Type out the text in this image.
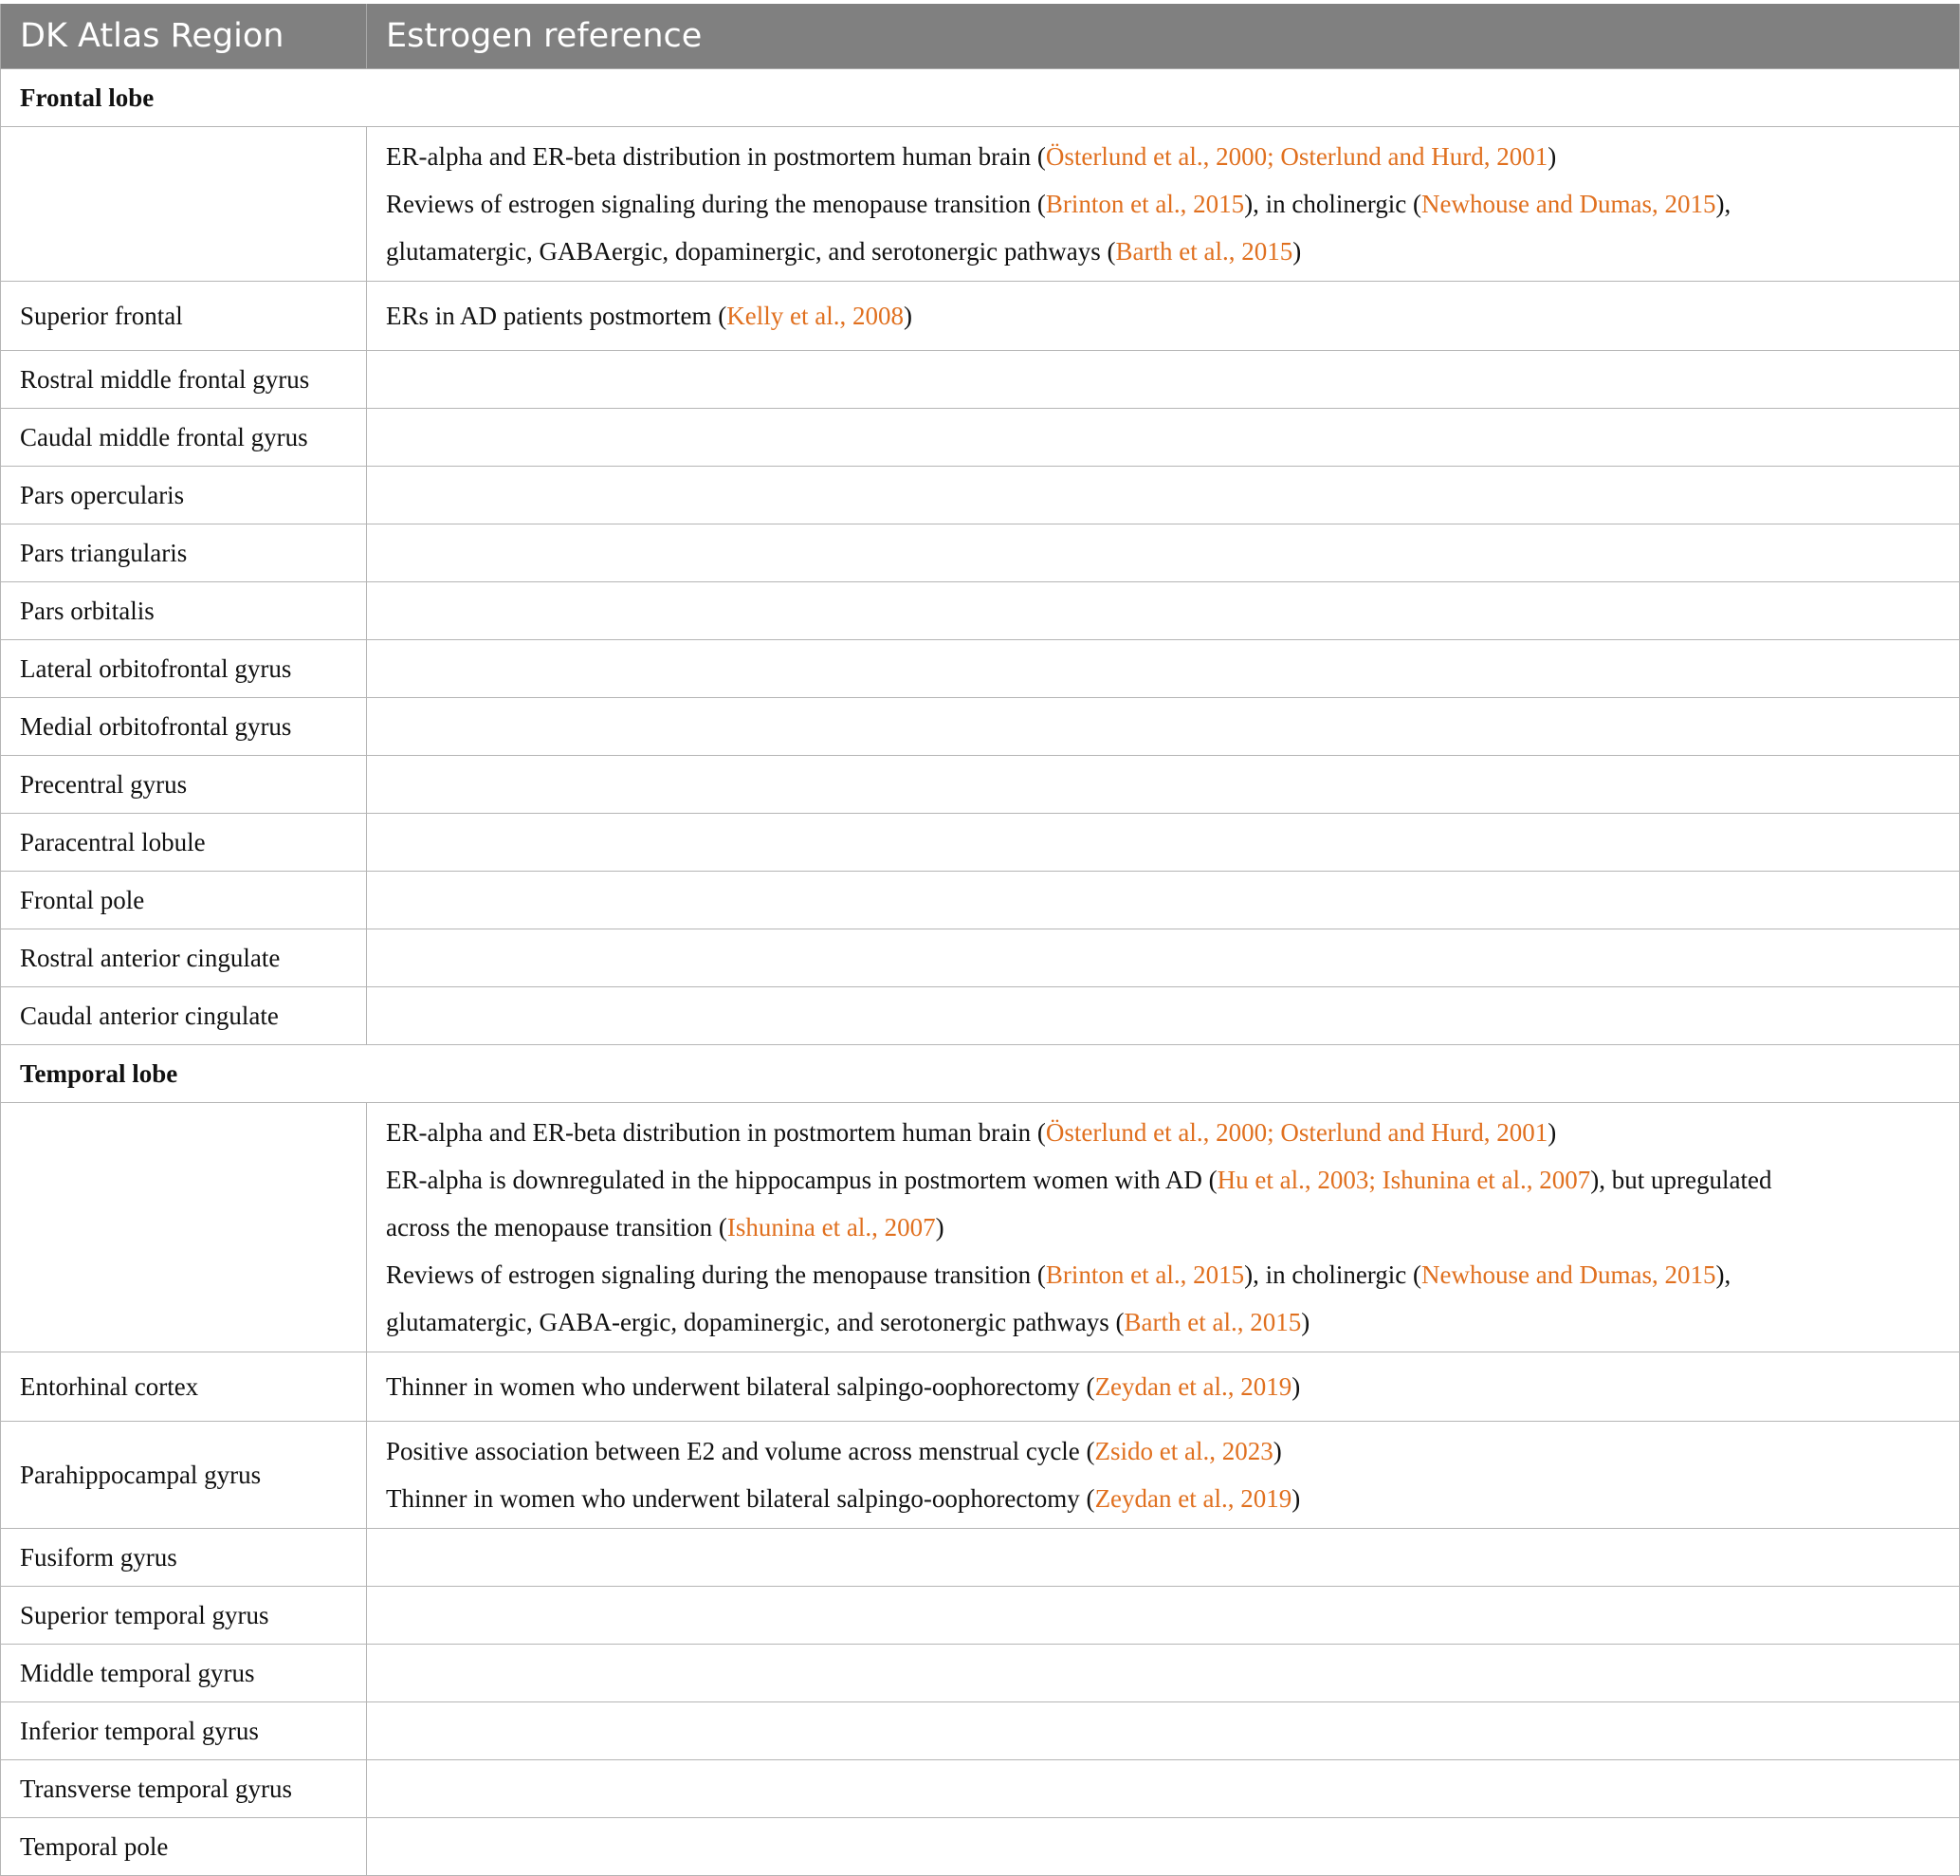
DK Atlas Region	Estrogen reference
Frontal lobe	

	ER-alpha and ER-beta distribution in postmortem human brain (Österlund et al., 2000; Osterlund and Hurd, 2001)
Reviews of estrogen signaling during the menopause transition (Brinton et al., 2015), in cholinergic (Newhouse and Dumas, 2015),
glutamatergic, GABAergic, dopaminergic, and serotonergic pathways (Barth et al., 2015)

Superior frontal	ERs in AD patients postmortem (Kelly et al., 2008)

Rostral middle frontal gyrus	
Caudal middle frontal gyrus	
Pars opercularis	
Pars triangularis	
Pars orbitalis	
Lateral orbitofrontal gyrus	
Medial orbitofrontal gyrus	
Precentral gyrus	
Paracentral lobule	
Frontal pole	
Rostral anterior cingulate	
Caudal anterior cingulate	
Temporal lobe	

	ER-alpha and ER-beta distribution in postmortem human brain (Österlund et al., 2000; Osterlund and Hurd, 2001)
ER-alpha is downregulated in the hippocampus in postmortem women with AD (Hu et al., 2003; Ishunina et al., 2007), but upregulated
across the menopause transition (Ishunina et al., 2007)
Reviews of estrogen signaling during the menopause transition (Brinton et al., 2015), in cholinergic (Newhouse and Dumas, 2015),
glutamatergic, GABA-ergic, dopaminergic, and serotonergic pathways (Barth et al., 2015)

Entorhinal cortex	Thinner in women who underwent bilateral salpingo-oophorectomy (Zeydan et al., 2019)

Parahippocampal gyrus	Positive association between E2 and volume across menstrual cycle (Zsido et al., 2023)
Thinner in women who underwent bilateral salpingo-oophorectomy (Zeydan et al., 2019)

Fusiform gyrus	
Superior temporal gyrus	
Middle temporal gyrus	
Inferior temporal gyrus	
Transverse temporal gyrus	
Temporal pole	
